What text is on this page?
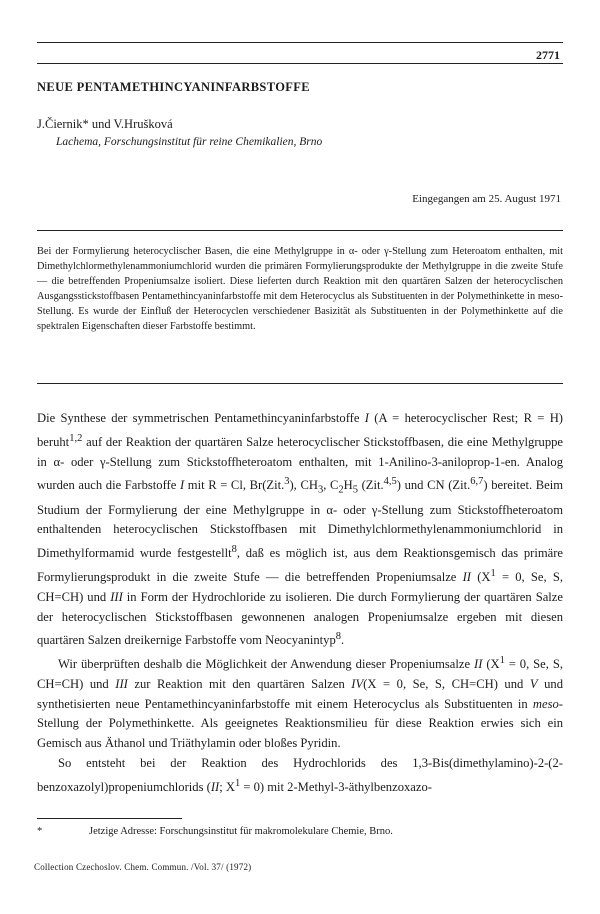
2771
NEUE PENTAMETHINCYANINFARBSTOFFE
J.Čiernik* und V.Hrušková
Lachema, Forschungsinstitut für reine Chemikalien, Brno
Eingegangen am 25. August 1971
Bei der Formylierung heterocyclischer Basen, die eine Methylgruppe in α- oder γ-Stellung zum Heteroatom enthalten, mit Dimethylchlormethylenammoniumchlorid wurden die primären Formylierungsprodukte der Methylgruppe in die zweite Stufe — die betreffenden Propeniumsalze isoliert. Diese lieferten durch Reaktion mit den quartären Salzen der heterocyclischen Ausgangsstickstoffbasen Pentamethincyaninfarbstoffe mit dem Heterocyclus als Substituenten in der Polymethinkette in meso-Stellung. Es wurde der Einfluß der Heterocyclen verschiedener Basizität als Substituenten in der Polymethinkette auf die spektralen Eigenschaften dieser Farbstoffe bestimmt.

Die Synthese der symmetrischen Pentamethincyaninfarbstoffe I (A = heterocyclischer Rest; R = H) beruht$^{1,2}$ auf der Reaktion der quartären Salze heterocyclischer Stickstoffbasen, die eine Methylgruppe in α- oder γ-Stellung zum Stickstoffheteroatom enthalten, mit 1-Anilino-3-aniloprop-1-en. Analog wurden auch die Farbstoffe I mit R = Cl, Br(Zit.$^3$), $CH_3$, $C_2H_5$ (Zit.$^{4,5}$) und CN (Zit.$^{6,7}$) bereitet. Beim Studium der Formylierung der eine Methylgruppe in α- oder γ-Stellung zum Stickstoffheteroatom enthaltenden heterocyclischen Stickstoffbasen mit Dimethylchlormethylenammoniumchlorid in Dimethylformamid wurde festgestellt$^8$, daß es möglich ist, aus dem Reaktionsgemisch das primäre Formylierungsprodukt in die zweite Stufe — die betreffenden Propeniumsalze II ($X^1 = 0$, Se, S, CH=CH) und III in Form der Hydrochloride zu isolieren. Die durch Formylierung der quartären Salze der heterocyclischen Stickstoffbasen gewonnenen analogen Propeniumsalze ergeben mit diesen quartären Salzen dreikernige Farbstoffe vom Neocyanintyp$^8$.

Wir überprüften deshalb die Möglichkeit der Anwendung dieser Propeniumsalze II ($X^1 = 0$, Se, S, CH=CH) und III zur Reaktion mit den quartären Salzen IV(X = 0, Se, S, CH=CH) und V und synthetisierten neue Pentamethincyaninfarbstoffe mit einem Heterocyclus als Substituenten in meso-Stellung der Polymethinkette. Als geeignetes Reaktionsmilieu für diese Reaktion erwies sich ein Gemisch aus Äthanol und Triäthylamin oder bloßes Pyridin.

So entsteht bei der Reaktion des Hydrochlorids des 1,3-Bis(dimethylamino)-2-(2-benzoxazolyl)propeniumchlorids (II; $X^1 = 0$) mit 2-Methyl-3-äthylbenzoxazo-

*	Jetzige Adresse: Forschungsinstitut für makromolekulare Chemie, Brno.
Collection Czechoslov. Chem. Commun. /Vol. 37/ (1972)
